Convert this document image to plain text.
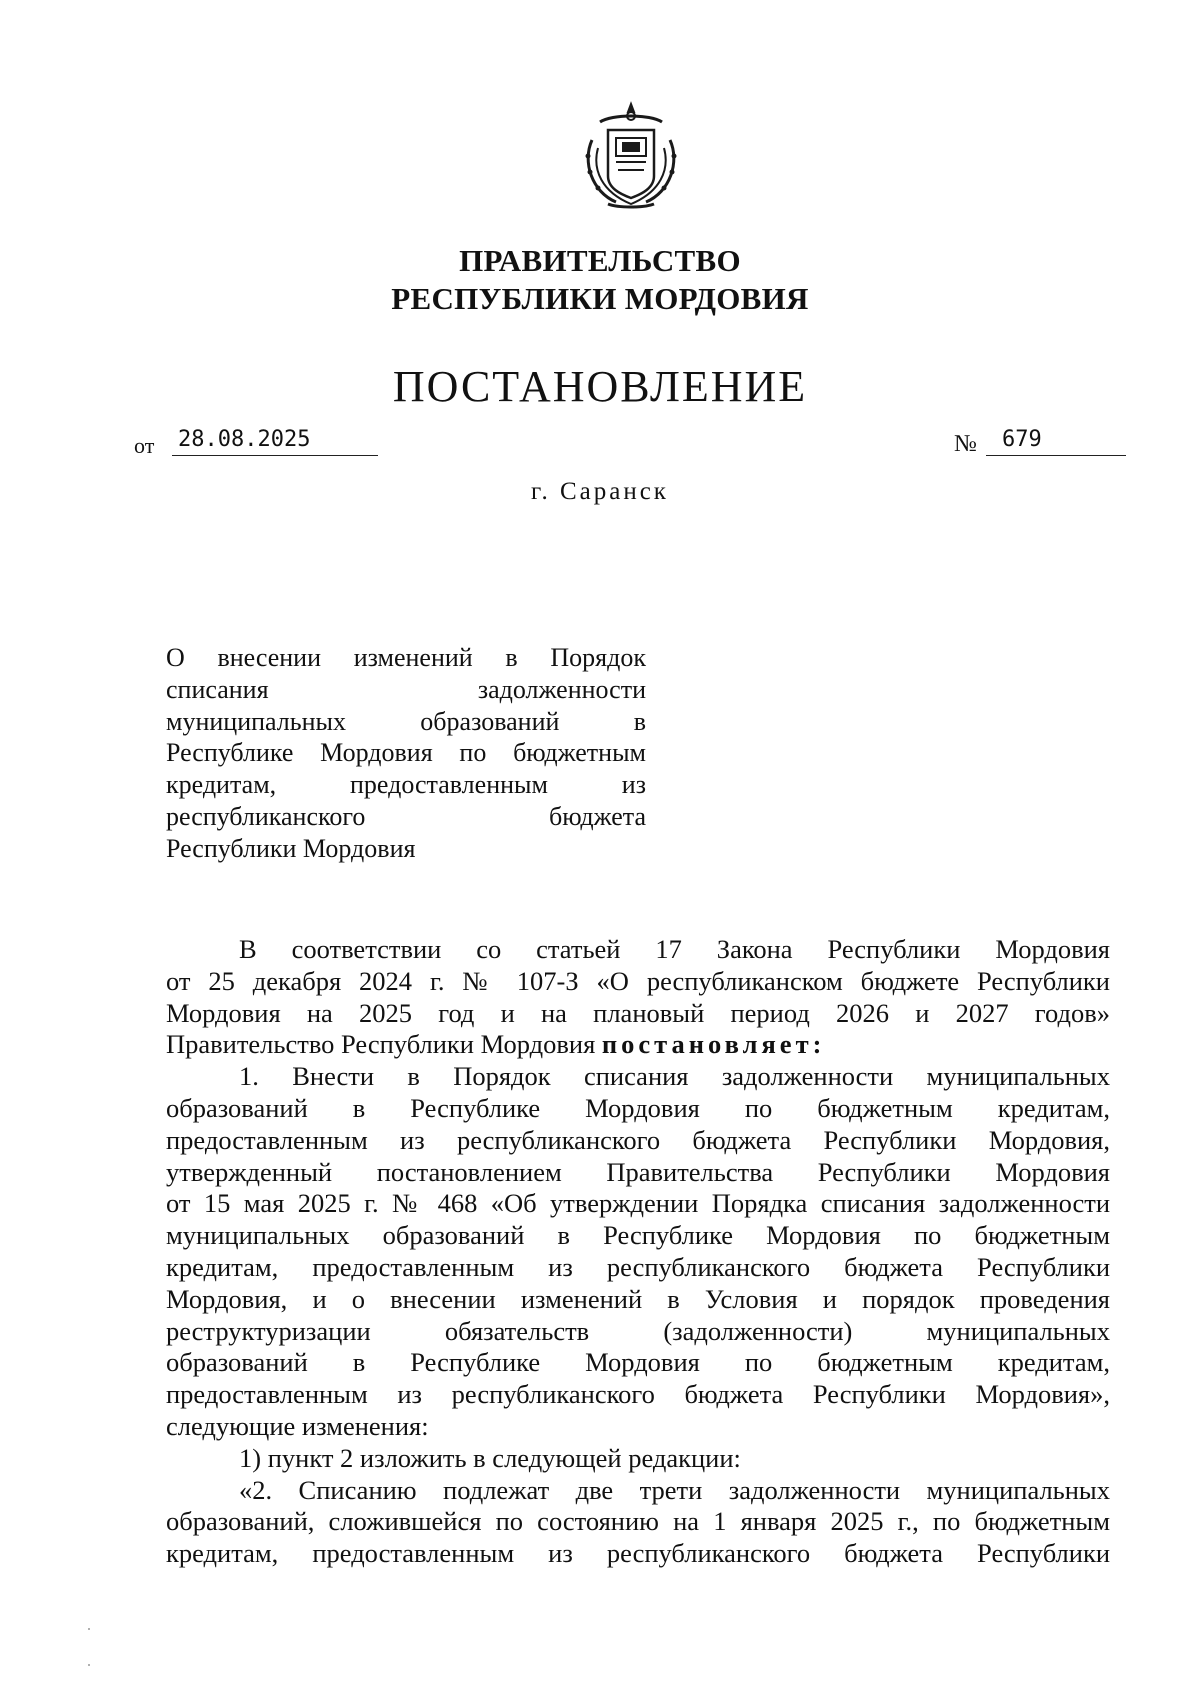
ПРАВИТЕЛЬСТВО
РЕСПУБЛИКИ МОРДОВИЯ
ПОСТАНОВЛЕНИЕ
от 28.08.2025	№	679
г. Саранск
О внесении изменений в Порядок
списания задолженности
муниципальных образований в
Республике Мордовия по бюджетным
кредитам, предоставленным из
республиканского бюджета
Республики Мордовия
В соответствии со статьей 17 Закона Республики Мордовия
от 25 декабря 2024 г. № 107-З «О республиканском бюджете Республики
Мордовия на 2025 год и на плановый период 2026 и 2027 годов»
Правительство Республики Мордовия постановляет:
1. Внести в Порядок списания задолженности муниципальных
образований в Республике Мордовия по бюджетным кредитам,
предоставленным из республиканского бюджета Республики Мордовия,
утвержденный постановлением Правительства Республики Мордовия
от 15 мая 2025 г. № 468 «Об утверждении Порядка списания задолженности
муниципальных образований в Республике Мордовия по бюджетным
кредитам, предоставленным из республиканского бюджета Республики
Мордовия, и о внесении изменений в Условия и порядок проведения
реструктуризации обязательств (задолженности) муниципальных
образований в Республике Мордовия по бюджетным кредитам,
предоставленным из республиканского бюджета Республики Мордовия»,
следующие изменения:
1) пункт 2 изложить в следующей редакции:
«2. Списанию подлежат две трети задолженности муниципальных
образований, сложившейся по состоянию на 1 января 2025 г., по бюджетным
кредитам, предоставленным из республиканского бюджета Республики
